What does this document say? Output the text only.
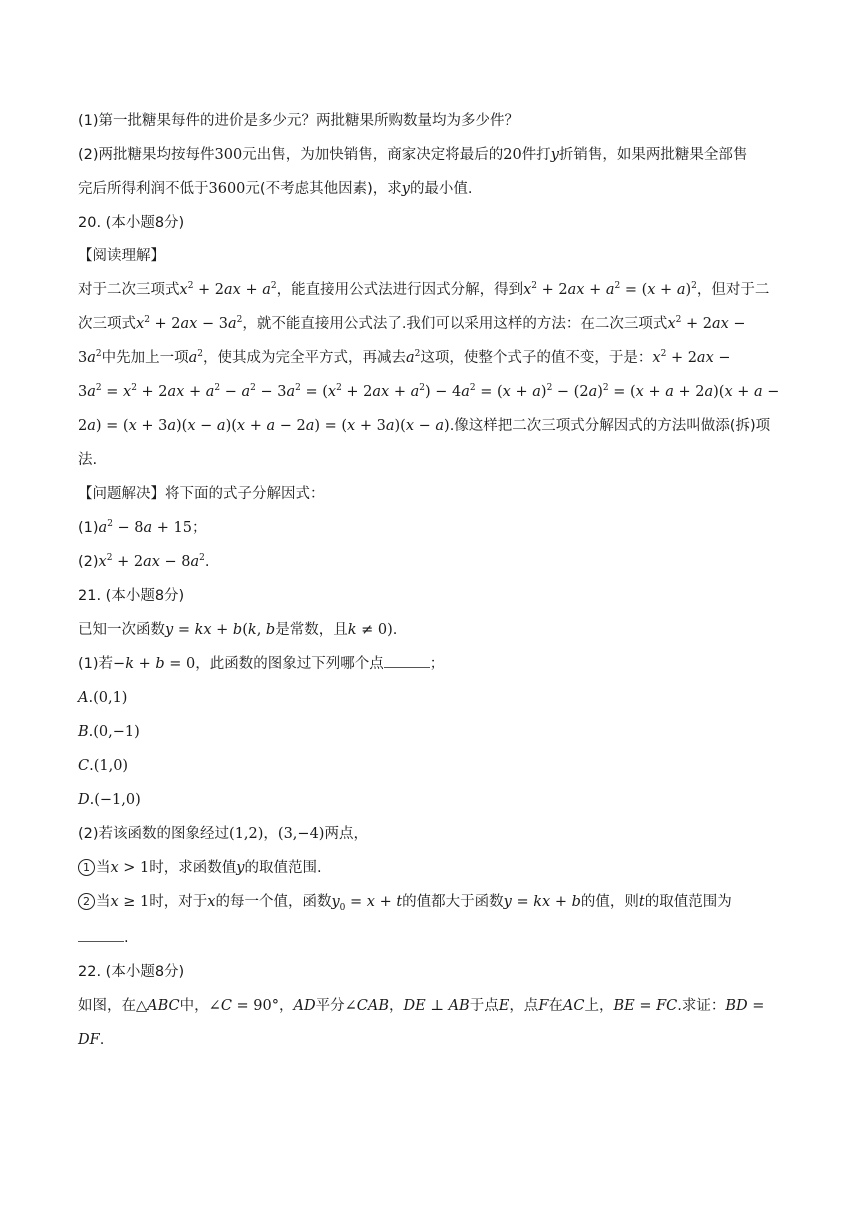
(1)第一批糖果每件的进价是多少元？两批糖果所购数量均为多少件？
(2)两批糖果均按每件300元出售，为加快销售，商家决定将最后的20件打y折销售，如果两批糖果全部售
完后所得利润不低于3600元(不考虑其他因素)，求y的最小值.
20. (本小题8分)
【阅读理解】
对于二次三项式$x^2 + 2ax + a^2$，能直接用公式法进行因式分解，得到$x^2 + 2ax + a^2 = (x + a)^2$，但对于二
次三项式$x^2 + 2ax - 3a^2$，就不能直接用公式法了.我们可以采用这样的方法：在二次三项式$x^2 + 2ax$ −
$3a^2$中先加上一项$a^2$，使其成为完全平方式，再减去$a^2$这项，使整个式子的值不变，于是：$x^2 + 2ax$ −
$3a^2 = x^2 + 2ax + a^2 - a^2 - 3a^2 = (x^2 + 2ax + a^2) - 4a^2 = (x + a)^2 - (2a)^2 = (x + a + 2a)(x + a$ −
2a) = (x + 3a)(x − a)(x + a − 2a) = (x + 3a)(x − a).像这样把二次三项式分解因式的方法叫做添(拆)项
法.
【问题解决】将下面的式子分解因式：
$(1)a^2 - 8a + 15$；
$(2)x^2 + 2ax - 8a^2$.
21. (本小题8分)
已知一次函数y = kx + b(k, b是常数，且k ≠ 0).
(1)若−k + b = 0，此函数的图象过下列哪个点	；
A.(0,1)
B.(0,−1)
C.(1,0)
D.(−1,0)
(2)若该函数的图象经过(1,2)，(3,−4)两点，
1 当x > 1时，求函数值y的取值范围.
2 当x ≥ 1时，对于x的每一个值，函数$y_0 = x + t$的值都大于函数y = kx + b的值，则t的取值范围为
.
22. (本小题8分)
如图，在△ABC中，∠C = 90°，AD平分∠CAB，DE ⊥ AB于点E，点F在AC上，BE = FC.求证：BD =
DF.
